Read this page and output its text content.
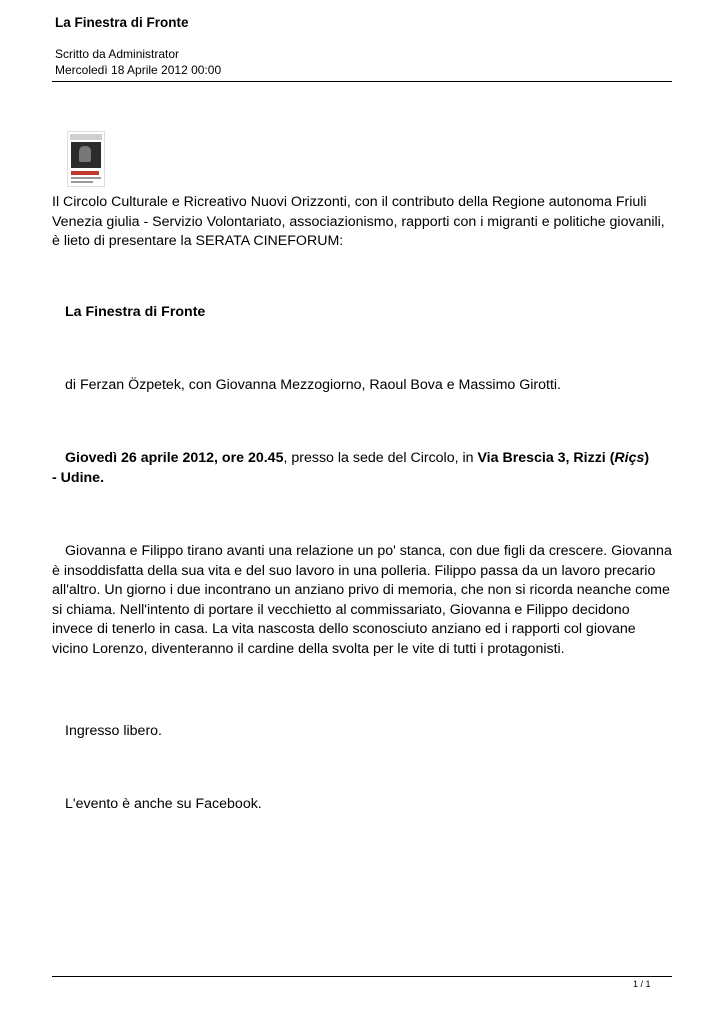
La Finestra di Fronte
Scritto da Administrator
Mercoledì 18 Aprile 2012 00:00
Il Circolo Culturale e Ricreativo Nuovi Orizzonti, con il contributo della Regione autonoma Friuli Venezia giulia - Servizio Volontariato, associazionismo, rapporti con i migranti e politiche giovanili, è lieto di presentare la SERATA CINEFORUM:
La Finestra di Fronte
di Ferzan Özpetek, con Giovanna Mezzogiorno, Raoul Bova e Massimo Girotti.
Giovedì 26 aprile 2012, ore 20.45, presso la sede del Circolo, in Via Brescia 3, Rizzi (Riçs)
- Udine.
Giovanna e Filippo tirano avanti una relazione un po' stanca, con due figli da crescere. Giovanna è insoddisfatta della sua vita e del suo lavoro in una polleria. Filippo passa da un lavoro precario all'altro. Un giorno i due incontrano un anziano privo di memoria, che non si ricorda neanche come si chiama. Nell'intento di portare il vecchietto al commissariato, Giovanna e Filippo decidono invece di tenerlo in casa. La vita nascosta dello sconosciuto anziano ed i rapporti col giovane vicino Lorenzo, diventeranno il cardine della svolta per le vite di tutti i protagonisti.
Ingresso libero.
L'evento è anche su Facebook.
1 / 1
